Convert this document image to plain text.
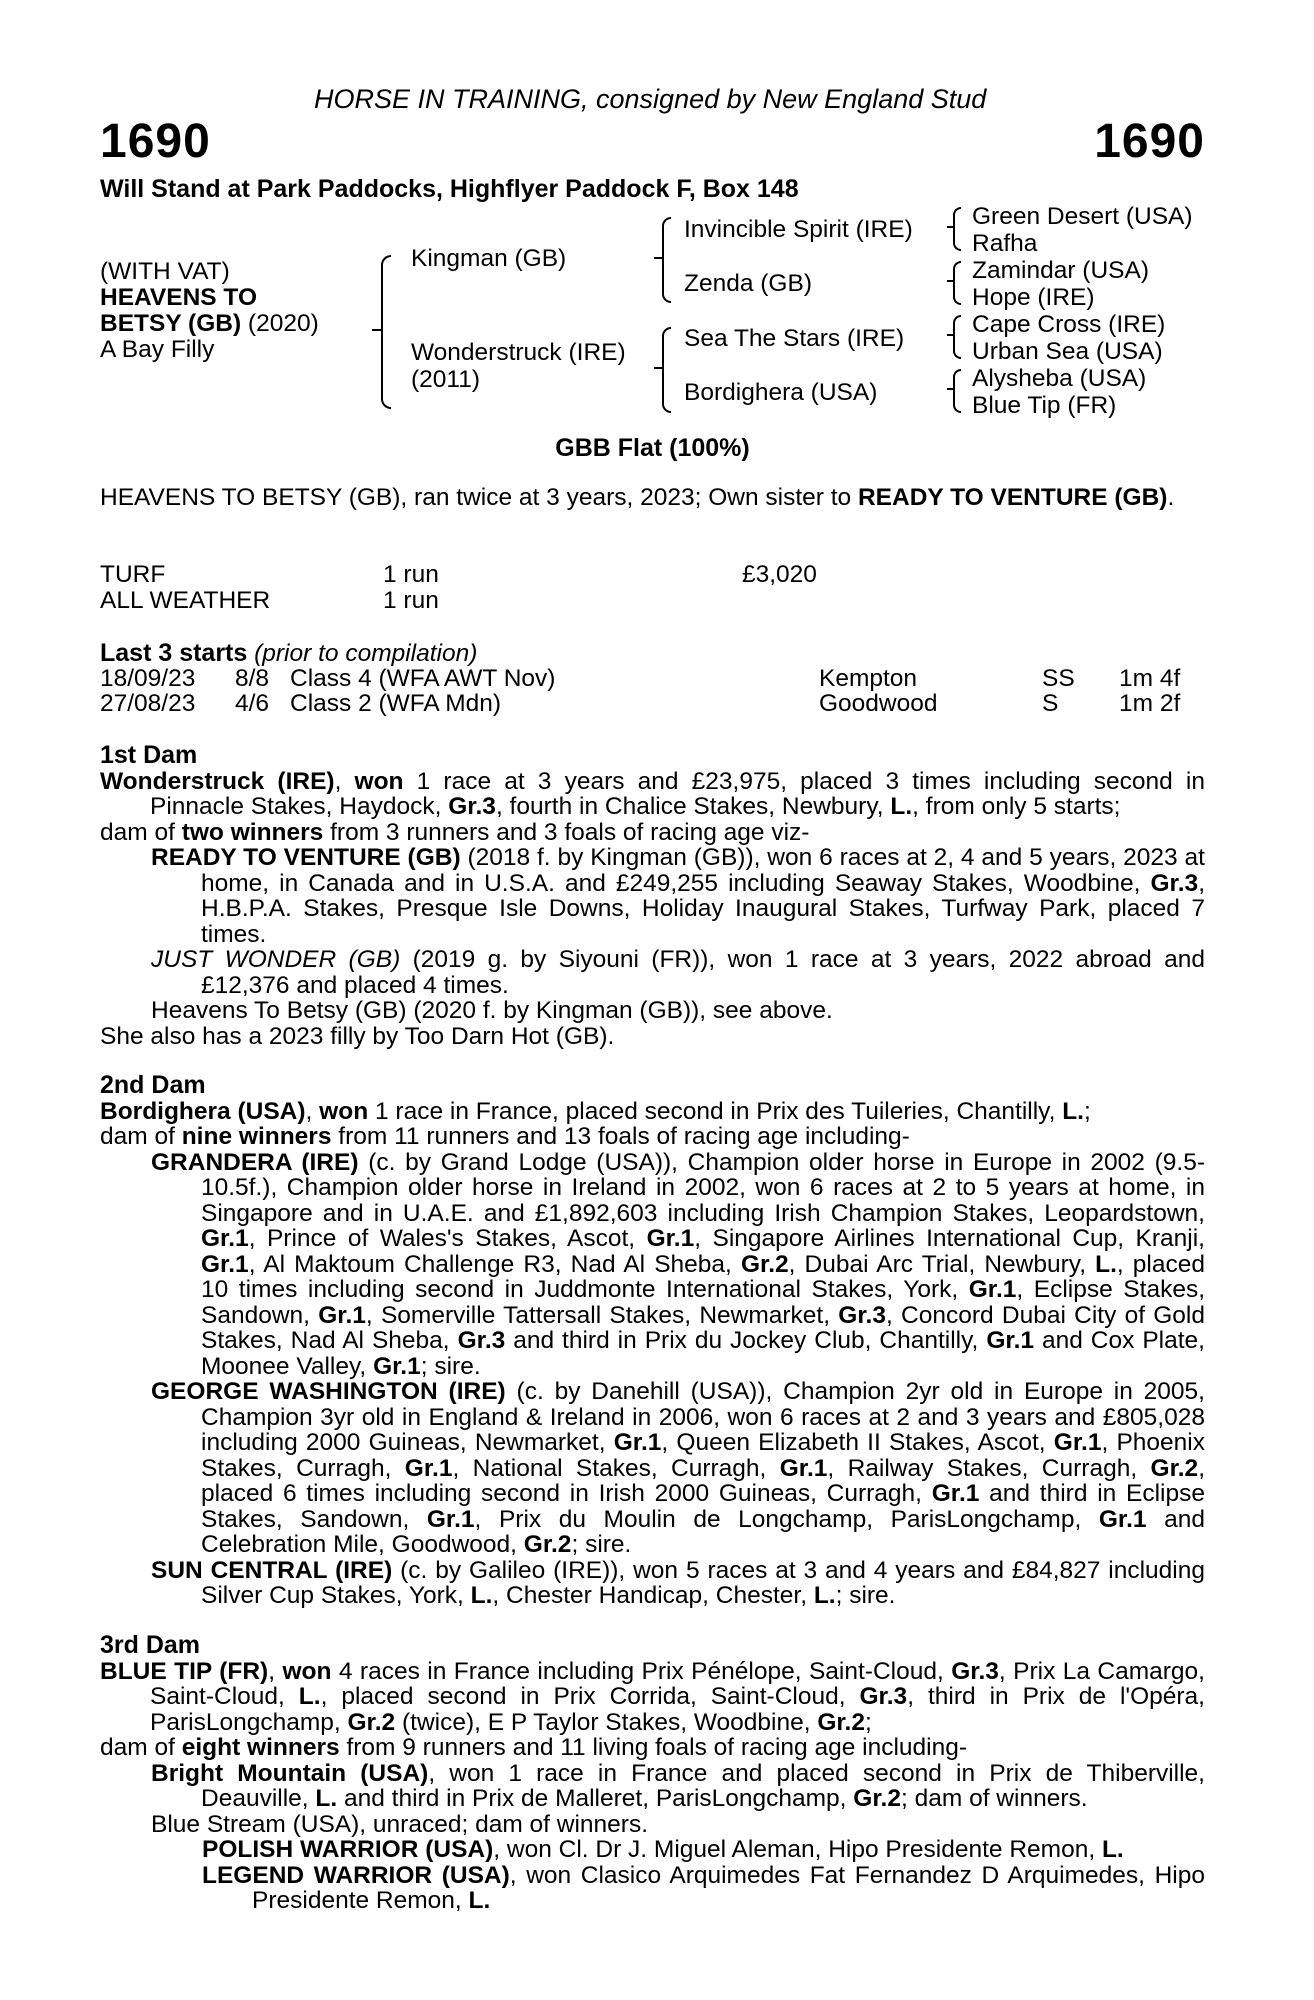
HORSE IN TRAINING, consigned by New England Stud
1690	1690
Will Stand at Park Paddocks, Highflyer Paddock F, Box 148
(WITH VAT)
HEAVENS TO
BETSY (GB) (2020)
A Bay Filly
Kingman (GB)
Wonderstruck (IRE)
(2011)
Invincible Spirit (IRE)
Zenda (GB)
Sea The Stars (IRE)
Bordighera (USA)
Green Desert (USA)
Rafha
Zamindar (USA)
Hope (IRE)
Cape Cross (IRE)
Urban Sea (USA)
Alysheba (USA)
Blue Tip (FR)
GBB Flat (100%)
HEAVENS TO BETSY (GB), ran twice at 3 years, 2023; Own sister to READY TO VENTURE (GB).
TURF	1 run	£3,020
ALL WEATHER	1 run
Last 3 starts (prior to compilation)
18/09/23 8/8 Class 4 (WFA AWT Nov)	Kempton	SS 1m 4f
27/08/23 4/6 Class 2 (WFA Mdn)	Goodwood	S 1m 2f

1st Dam

Wonderstruck (IRE), won 1 race at 3 years and £23,975, placed 3 times including second in Pinnacle Stakes, Haydock, Gr.3, fourth in Chalice Stakes, Newbury, L., from only 5 starts;

dam of two winners from 3 runners and 3 foals of racing age viz-

READY TO VENTURE (GB) (2018 f. by Kingman (GB)), won 6 races at 2, 4 and 5 years, 2023 at home, in Canada and in U.S.A. and £249,255 including Seaway Stakes, Woodbine, Gr.3, H.B.P.A. Stakes, Presque Isle Downs, Holiday Inaugural Stakes, Turfway Park, placed 7 times.

JUST WONDER (GB) (2019 g. by Siyouni (FR)), won 1 race at 3 years, 2022 abroad and £12,376 and placed 4 times.

Heavens To Betsy (GB) (2020 f. by Kingman (GB)), see above.

She also has a 2023 filly by Too Darn Hot (GB).

2nd Dam

Bordighera (USA), won 1 race in France, placed second in Prix des Tuileries, Chantilly, L.;

dam of nine winners from 11 runners and 13 foals of racing age including-

GRANDERA (IRE) (c. by Grand Lodge (USA)), Champion older horse in Europe in 2002 (9.5-10.5f.), Champion older horse in Ireland in 2002, won 6 races at 2 to 5 years at home, in Singapore and in U.A.E. and £1,892,603 including Irish Champion Stakes, Leopardstown, Gr.1, Prince of Wales's Stakes, Ascot, Gr.1, Singapore Airlines International Cup, Kranji, Gr.1, Al Maktoum Challenge R3, Nad Al Sheba, Gr.2, Dubai Arc Trial, Newbury, L., placed 10 times including second in Juddmonte International Stakes, York, Gr.1, Eclipse Stakes, Sandown, Gr.1, Somerville Tattersall Stakes, Newmarket, Gr.3, Concord Dubai City of Gold Stakes, Nad Al Sheba, Gr.3 and third in Prix du Jockey Club, Chantilly, Gr.1 and Cox Plate, Moonee Valley, Gr.1; sire.

GEORGE WASHINGTON (IRE) (c. by Danehill (USA)), Champion 2yr old in Europe in 2005, Champion 3yr old in England & Ireland in 2006, won 6 races at 2 and 3 years and £805,028 including 2000 Guineas, Newmarket, Gr.1, Queen Elizabeth II Stakes, Ascot, Gr.1, Phoenix Stakes, Curragh, Gr.1, National Stakes, Curragh, Gr.1, Railway Stakes, Curragh, Gr.2, placed 6 times including second in Irish 2000 Guineas, Curragh, Gr.1 and third in Eclipse Stakes, Sandown, Gr.1, Prix du Moulin de Longchamp, ParisLongchamp, Gr.1 and Celebration Mile, Goodwood, Gr.2; sire.

SUN CENTRAL (IRE) (c. by Galileo (IRE)), won 5 races at 3 and 4 years and £84,827 including Silver Cup Stakes, York, L., Chester Handicap, Chester, L.; sire.

3rd Dam

BLUE TIP (FR), won 4 races in France including Prix Pénélope, Saint-Cloud, Gr.3, Prix La Camargo, Saint-Cloud, L., placed second in Prix Corrida, Saint-Cloud, Gr.3, third in Prix de l'Opéra, ParisLongchamp, Gr.2 (twice), E P Taylor Stakes, Woodbine, Gr.2;

dam of eight winners from 9 runners and 11 living foals of racing age including-

Bright Mountain (USA), won 1 race in France and placed second in Prix de Thiberville, Deauville, L. and third in Prix de Malleret, ParisLongchamp, Gr.2; dam of winners.

Blue Stream (USA), unraced; dam of winners.

POLISH WARRIOR (USA), won Cl. Dr J. Miguel Aleman, Hipo Presidente Remon, L.

LEGEND WARRIOR (USA), won Clasico Arquimedes Fat Fernandez D Arquimedes, Hipo Presidente Remon, L.
